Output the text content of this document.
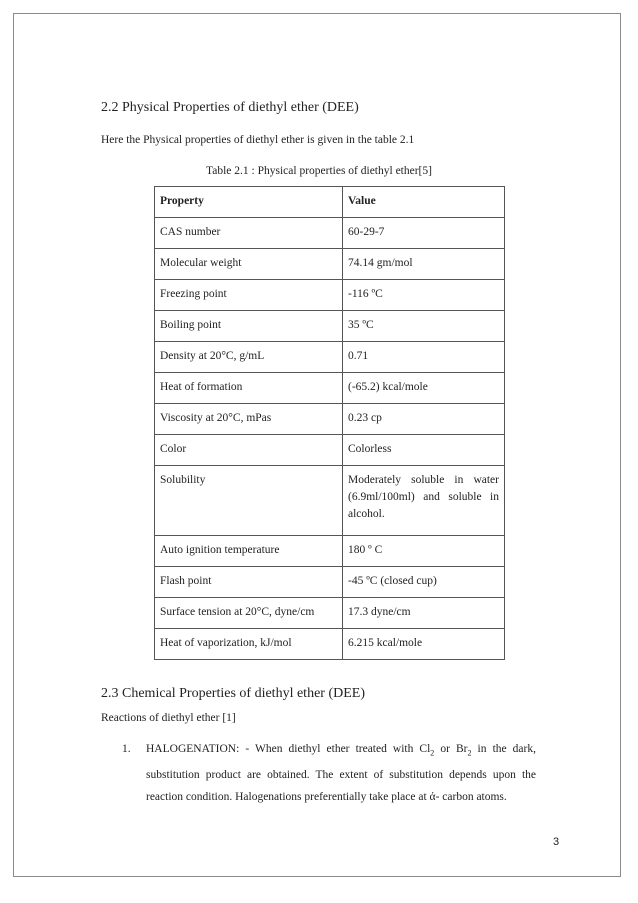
2.2 Physical Properties of diethyl ether (DEE)

Here the Physical properties of diethyl ether is given in the table 2.1

Table 2.1 : Physical properties of diethyl ether[5]

Property	Value
CAS number	60-29-7
Molecular weight	74.14 gm/mol
Freezing point	-116 ºC
Boiling point	35 ºC
Density at 20°C, g/mL	0.71
Heat of formation	(-65.2) kcal/mole
Viscosity at 20°C, mPas	0.23 cp
Color	Colorless
Solubility	Moderately soluble in water (6.9ml/100ml) and soluble in alcohol.
Auto ignition temperature	180 º C
Flash point	-45 ºC (closed cup)
Surface tension at 20°C, dyne/cm	17.3 dyne/cm
Heat of vaporization, kJ/mol	6.215 kcal/mole
2.3 Chemical Properties of diethyl ether (DEE)

Reactions of diethyl ether [1]

1. HALOGENATION: - When diethyl ether treated with $Cl_2$ or $Br_2$ in the dark, substitution product are obtained. The extent of substitution depends upon the reaction condition. Halogenations preferentially take place at ά- carbon atoms.
3
